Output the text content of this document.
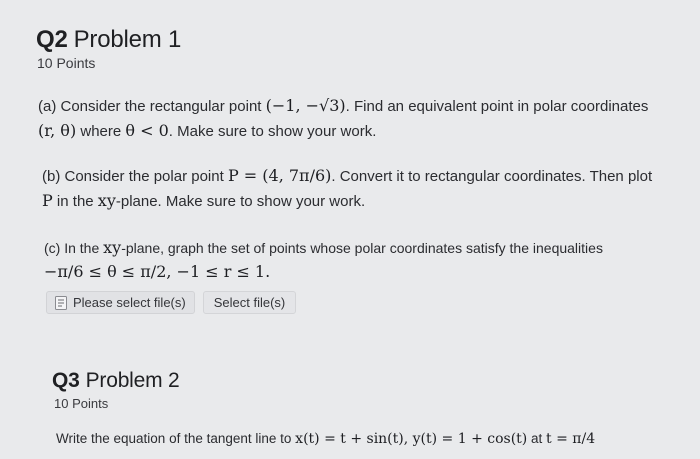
Q2 Problem 1
10 Points
(a) Consider the rectangular point (−1, −√3). Find an equivalent point in polar coordinates
(r, θ) where θ < 0. Make sure to show your work.
(b) Consider the polar point P = (4, 7π/6). Convert it to rectangular coordinates. Then plot
P in the xy-plane. Make sure to show your work.
(c) In the xy-plane, graph the set of points whose polar coordinates satisfy the inequalities
−π/6 ≤ θ ≤ π/2, −1 ≤ r ≤ 1.
Please select file(s)	Select file(s)
Q3 Problem 2
10 Points
Write the equation of the tangent line to x(t) = t + sin(t), y(t) = 1 + cos(t) at t = π/4
